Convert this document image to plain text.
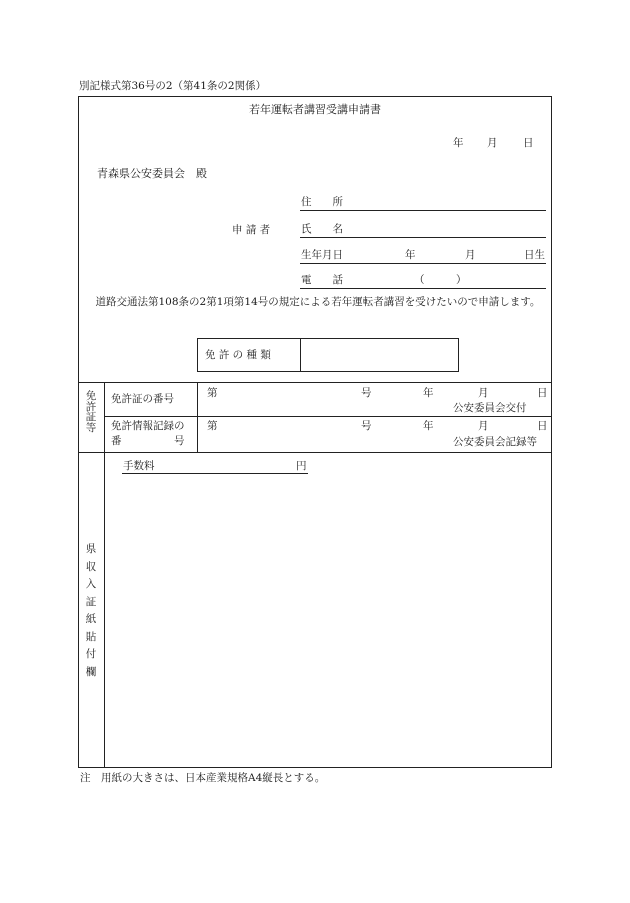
別記様式第36号の2（第41条の2関係）
若年運転者講習受講申請書
年 月 日
青森県公安委員会　殿
申 請 者
住　　所
氏　　名
生年月日	年	月	日生
電　　話	（　　　）
　道路交通法第108条の2第1項第14号の規定による若年運転者講習を受けたいので申請します。
免 許 の 種 類
免許証等
免許証の番号	第	号	年	月	日
公安委員会交付
免許情報記録の
番　　　　　号
第	号	年	月	日
公安委員会記録等
県収入証紙貼付欄
手数料	円
注　用紙の大きさは、日本産業規格A4縦長とする。
